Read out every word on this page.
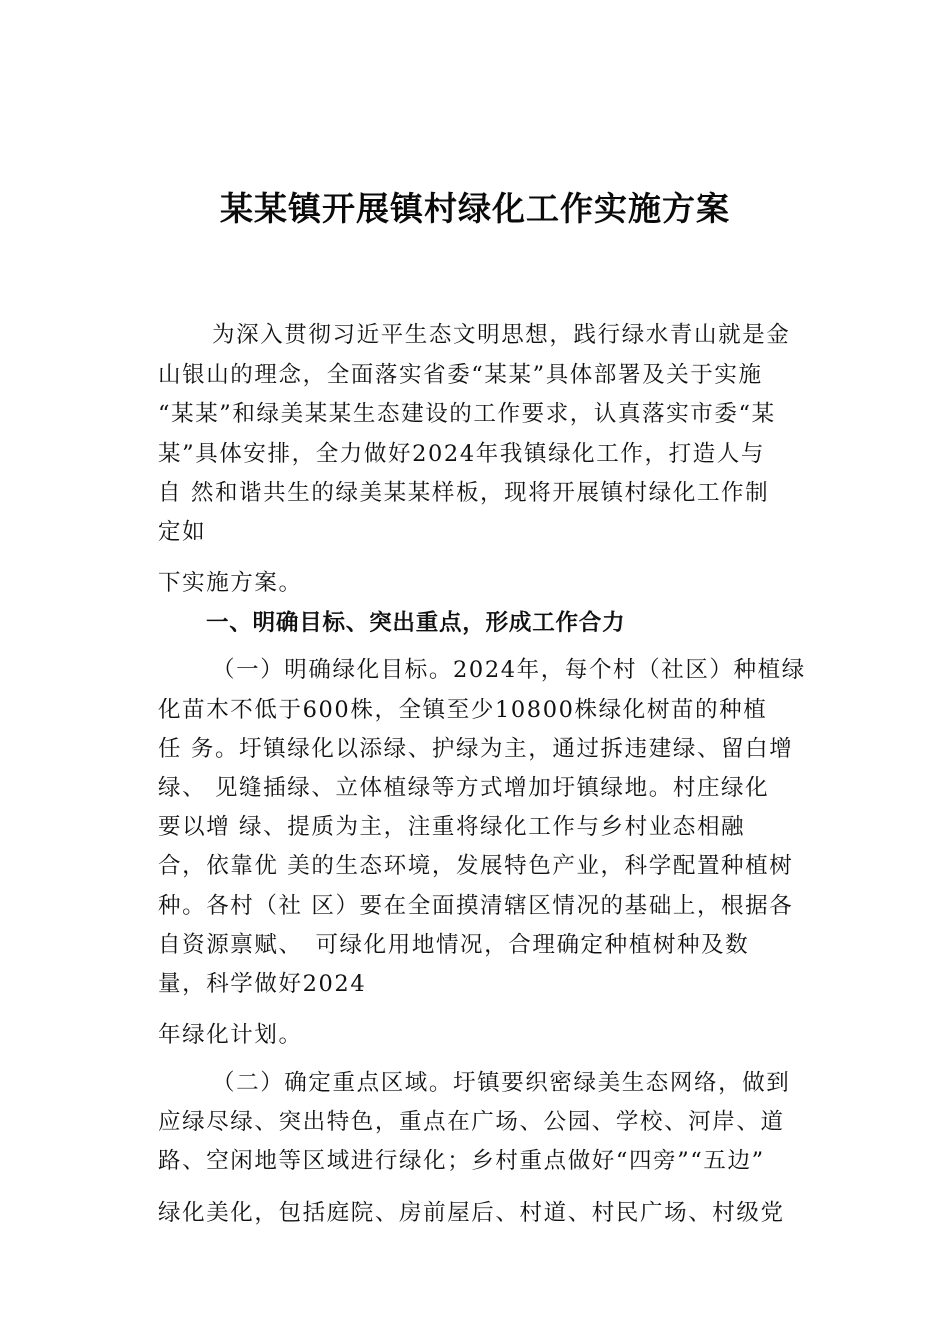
某某镇开展镇村绿化工作实施方案
为深入贯彻习近平生态文明思想，践行绿水青山就是金
山银山的理念，全面落实省委“某某”具体部署及关于实施
“某某”和绿美某某生态建设的工作要求，认真落实市委“某
某”具体安排，全力做好2024年我镇绿化工作，打造人与
自 然和谐共生的绿美某某样板，现将开展镇村绿化工作制
定如
下实施方案。
一、明确目标、突出重点，形成工作合力
（一）明确绿化目标。2024年，每个村（社区）种植绿
化苗木不低于600株，全镇至少10800株绿化树苗的种植
任 务。圩镇绿化以添绿、护绿为主，通过拆违建绿、留白增
绿、 见缝插绿、立体植绿等方式增加圩镇绿地。村庄绿化
要以增 绿、提质为主，注重将绿化工作与乡村业态相融
合，依靠优 美的生态环境，发展特色产业，科学配置种植树
种。各村（社 区）要在全面摸清辖区情况的基础上，根据各
自资源禀赋、　可绿化用地情况，合理确定种植树种及数
量，科学做好2024
年绿化计划。
（二）确定重点区域。圩镇要织密绿美生态网络，做到
应绿尽绿、突出特色，重点在广场、公园、学校、河岸、道
路、空闲地等区域进行绿化；乡村重点做好“四旁”“五边”
绿化美化，包括庭院、房前屋后、村道、村民广场、村级党
